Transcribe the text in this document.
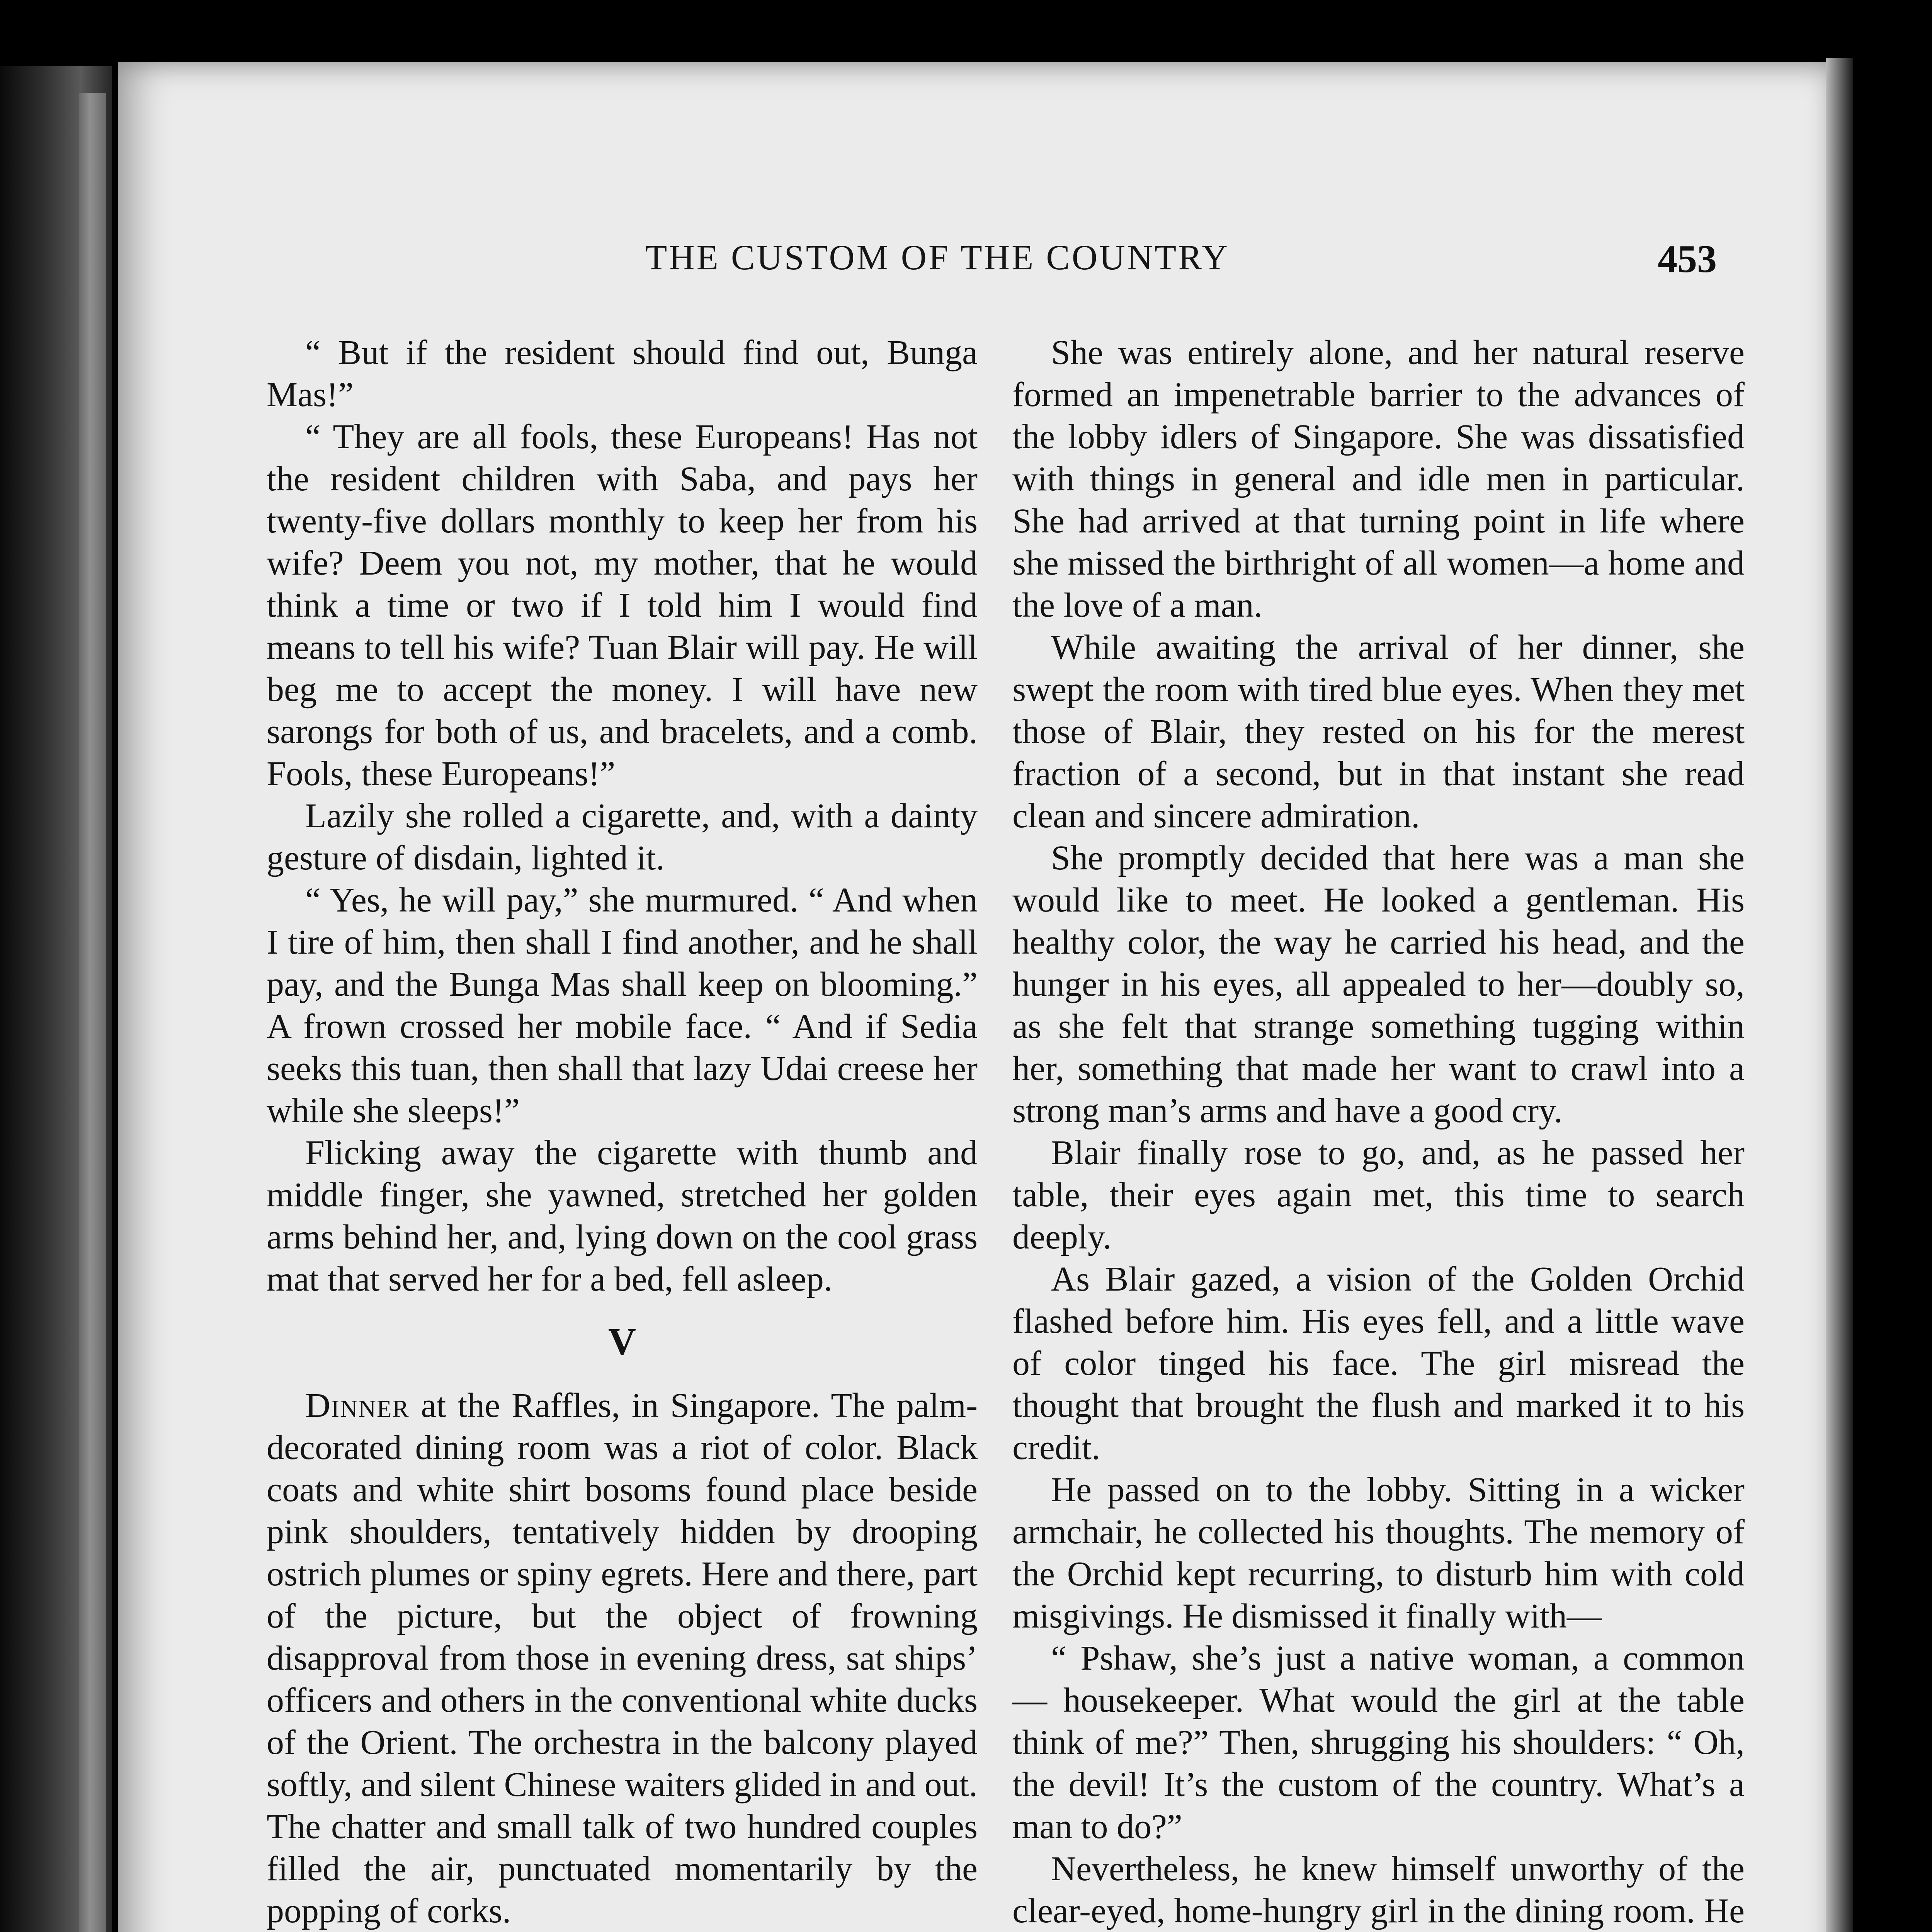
THE CUSTOM OF THE COUNTRY	453

“ But if the resident should find out, Bunga Mas!”

“ They are all fools, these Europeans! Has not the resident children with Saba, and pays her twenty-five dollars monthly to keep her from his wife? Deem you not, my mother, that he would think a time or two if I told him I would find means to tell his wife? Tuan Blair will pay. He will beg me to accept the money. I will have new sarongs for both of us, and bracelets, and a comb. Fools, these Europeans!”

Lazily she rolled a cigarette, and, with a dainty gesture of disdain, lighted it.

“ Yes, he will pay,” she murmured. “ And when I tire of him, then shall I find another, and he shall pay, and the Bunga Mas shall keep on blooming.” A frown crossed her mobile face. “ And if Sedia seeks this tuan, then shall that lazy Udai creese her while she sleeps!”

Flicking away the cigarette with thumb and middle finger, she yawned, stretched her golden arms behind her, and, lying down on the cool grass mat that served her for a bed, fell asleep.

V

Dinner at the Raffles, in Singapore. The palm-decorated dining room was a riot of color. Black coats and white shirt bosoms found place beside pink shoulders, tentatively hidden by drooping ostrich plumes or spiny egrets. Here and there, part of the picture, but the object of frowning disapproval from those in evening dress, sat ships’ officers and others in the conventional white ducks of the Orient. The orchestra in the balcony played softly, and silent Chinese waiters glided in and out. The chatter and small talk of two hundred couples filled the air, punctuated momentarily by the popping of corks.

She was entirely alone, and her natural reserve formed an impenetrable barrier to the advances of the lobby idlers of Singapore. She was dissatisfied with things in general and idle men in particular. She had arrived at that turning point in life where she missed the birthright of all women—a home and the love of a man.

While awaiting the arrival of her dinner, she swept the room with tired blue eyes. When they met those of Blair, they rested on his for the merest fraction of a second, but in that instant she read clean and sincere admiration.

She promptly decided that here was a man she would like to meet. He looked a gentleman. His healthy color, the way he carried his head, and the hunger in his eyes, all appealed to her—doubly so, as she felt that strange something tugging within her, something that made her want to crawl into a strong man’s arms and have a good cry.

Blair finally rose to go, and, as he passed her table, their eyes again met, this time to search deeply.

As Blair gazed, a vision of the Golden Orchid flashed before him. His eyes fell, and a little wave of color tinged his face. The girl misread the thought that brought the flush and marked it to his credit.

He passed on to the lobby. Sitting in a wicker armchair, he collected his thoughts. The memory of the Orchid kept recurring, to disturb him with cold misgivings. He dismissed it finally with—

“ Pshaw, she’s just a native woman, a common — housekeeper. What would the girl at the table think of me?” Then, shrugging his shoulders: “ Oh, the devil! It’s the custom of the country. What’s a man to do?”

Nevertheless, he knew himself unworthy of the clear-eyed, home-hungry girl in the dining room. He
